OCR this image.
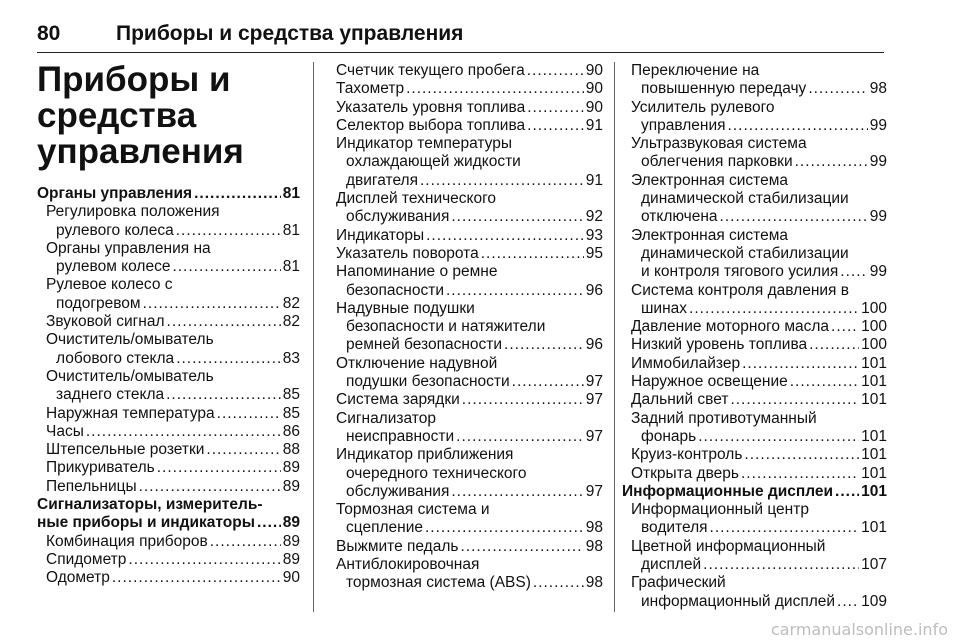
80	Приборы и средства управления
Приборы и
средства
управления
Органы управления .....	81
Регулировка положения
рулевого колеса .....	81
Органы управления на
рулевом колесе .....	81
Рулевое колесо с
подогревом .....	82
Звуковой сигнал .....	82
Очиститель/омыватель
лобового стекла .....	83
Очиститель/омыватель
заднего стекла .....	85
Наружная температура .....	85
Часы .....	86
Штепсельные розетки .....	88
Прикуриватель .....	89
Пепельницы .....	89
Сигнализаторы, измеритель-
ные приборы и индикаторы ..... 89
Комбинация приборов .....	89
Спидометр .....	89
Одометр .....	90
Счетчик текущего пробега .....	90
Тахометр .....	90
Указатель уровня топлива .....	90
Селектор выбора топлива .....	91
Индикатор температуры
охлаждающей жидкости
двигателя .....	91
Дисплей технического
обслуживания .....	92
Индикаторы .....	93
Указатель поворота .....	95
Напоминание о ремне
безопасности .....	96
Надувные подушки
безопасности и натяжители
ремней безопасности .....	96
Отключение надувной
подушки безопасности .....	97
Система зарядки .....	97
Сигнализатор
неисправности .....	97
Индикатор приближения
очередного технического
обслуживания .....	97
Тормозная система и
сцепление .....	98
Выжмите педаль .....	98
Антиблокировочная
тормозная система (ABS) .....	98
Переключение на
повышенную передачу .....	98
Усилитель рулевого
управления .....	99
Ультразвуковая система
облегчения парковки .....	99
Электронная система
динамической стабилизации
отключена .....	99
Электронная система
динамической стабилизации
и контроля тягового усилия ..... 99
Система контроля давления в
шинах .....	100
Давление моторного масла ..... 100
Низкий уровень топлива .....	100
Иммобилайзер .....	101
Наружное освещение .....	101
Дальний свет .....	101
Задний противотуманный
фонарь .....	101
Круиз-контроль .....	101
Открыта дверь .....	101
Информационные дисплеи ..... 101
Информационный центр
водителя .....	101
Цветной информационный
дисплей .....	107
Графический
информационный дисплей ..... 109
carmanualsonline.info
